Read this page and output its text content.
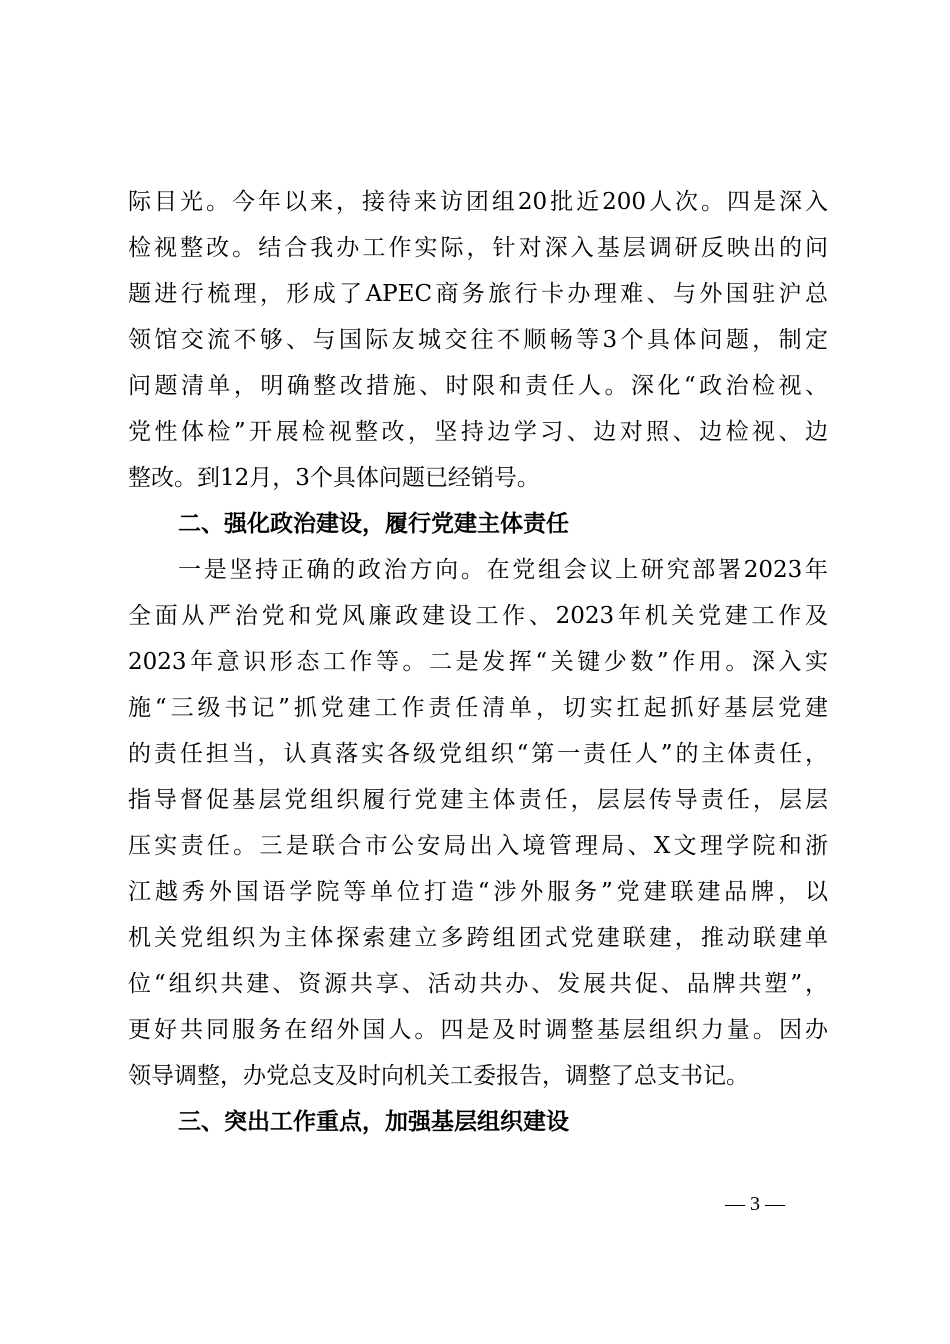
际目光。今年以来，接待来访团组20批近200人次。四是深入
检视整改。结合我办工作实际，针对深入基层调研反映出的问
题进行梳理，形成了APEC商务旅行卡办理难、与外国驻沪总
领馆交流不够、与国际友城交往不顺畅等3个具体问题，制定
问题清单，明确整改措施、时限和责任人。深化“政治检视、
党性体检”开展检视整改，坚持边学习、边对照、边检视、边
整改。到12月，3个具体问题已经销号。
二、强化政治建设，履行党建主体责任
一是坚持正确的政治方向。在党组会议上研究部署2023年
全面从严治党和党风廉政建设工作、2023年机关党建工作及
2023年意识形态工作等。二是发挥“关键少数”作用。深入实
施“三级书记”抓党建工作责任清单，切实扛起抓好基层党建
的责任担当，认真落实各级党组织“第一责任人”的主体责任，
指导督促基层党组织履行党建主体责任，层层传导责任，层层
压实责任。三是联合市公安局出入境管理局、X文理学院和浙
江越秀外国语学院等单位打造“涉外服务”党建联建品牌，以
机关党组织为主体探索建立多跨组团式党建联建，推动联建单
位“组织共建、资源共享、活动共办、发展共促、品牌共塑”，
更好共同服务在绍外国人。四是及时调整基层组织力量。因办
领导调整，办党总支及时向机关工委报告，调整了总支书记。
三、突出工作重点，加强基层组织建设
— 3 —
